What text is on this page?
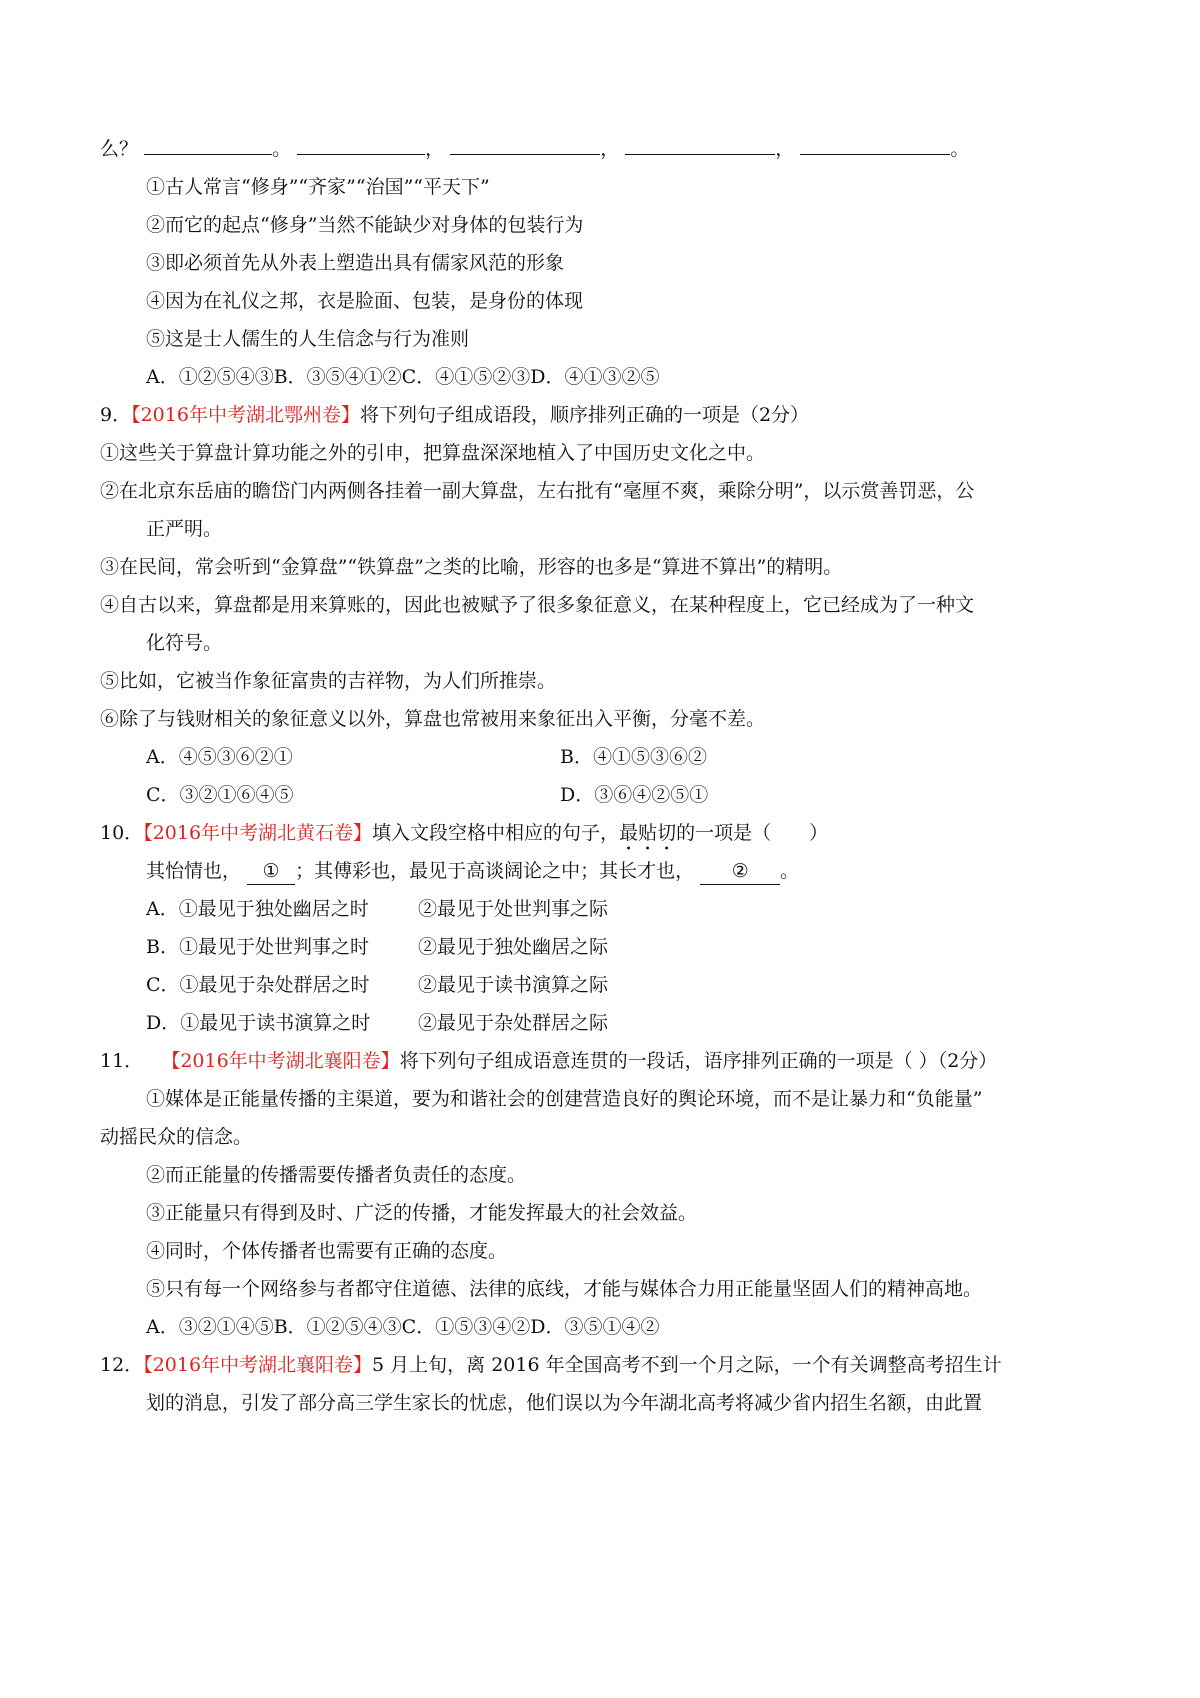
么？	。	，	，	，	。
①古人常言“修身”“齐家”“治国”“平天下”
②而它的起点“修身”当然不能缺少对身体的包装行为
③即必须首先从外表上塑造出具有儒家风范的形象
④因为在礼仪之邦，衣是脸面、包装，是身份的体现
⑤这是士人儒生的人生信念与行为准则
A．①②⑤④③B．③⑤④①②C．④①⑤②③D．④①③②⑤
9．【2016年中考湖北鄂州卷】将下列句子组成语段，顺序排列正确的一项是（2分）
①这些关于算盘计算功能之外的引申，把算盘深深地植入了中国历史文化之中。
②在北京东岳庙的瞻岱门内两侧各挂着一副大算盘，左右批有“毫厘不爽，乘除分明”，以示赏善罚恶，公
正严明。
③在民间，常会听到“金算盘”“铁算盘”之类的比喻，形容的也多是“算进不算出”的精明。
④自古以来，算盘都是用来算账的，因此也被赋予了很多象征意义，在某种程度上，它已经成为了一种文
化符号。
⑤比如，它被当作象征富贵的吉祥物，为人们所推崇。
⑥除了与钱财相关的象征意义以外，算盘也常被用来象征出入平衡，分毫不差。
A．④⑤③⑥②①	B．④①⑤③⑥②
C．③②①⑥④⑤	D．③⑥④②⑤①
10．【2016年中考湖北黄石卷】填入文段空格中相应的句子，最贴切的一项是（　　）
其怡情也， ① ；其傅彩也，最见于高谈阔论之中；其长才也， ② 。
A．①最见于独处幽居之时	②最见于处世判事之际
B．①最见于处世判事之时	②最见于独处幽居之际
C．①最见于杂处群居之时	②最见于读书演算之际
D．①最见于读书演算之时	②最见于杂处群居之际
11． 【2016年中考湖北襄阳卷】将下列句子组成语意连贯的一段话，语序排列正确的一项是（ ）（2分）
①媒体是正能量传播的主渠道，要为和谐社会的创建营造良好的舆论环境，而不是让暴力和“负能量”
动摇民众的信念。
②而正能量的传播需要传播者负责任的态度。
③正能量只有得到及时、广泛的传播，才能发挥最大的社会效益。
④同时，个体传播者也需要有正确的态度。
⑤只有每一个网络参与者都守住道德、法律的底线，才能与媒体合力用正能量坚固人们的精神高地。
A．③②①④⑤B．①②⑤④③C．①⑤③④②D．③⑤①④②
12．【2016年中考湖北襄阳卷】5 月上旬，离 2016 年全国高考不到一个月之际，一个有关调整高考招生计
划的消息，引发了部分高三学生家长的忧虑，他们误以为今年湖北高考将减少省内招生名额，由此置
